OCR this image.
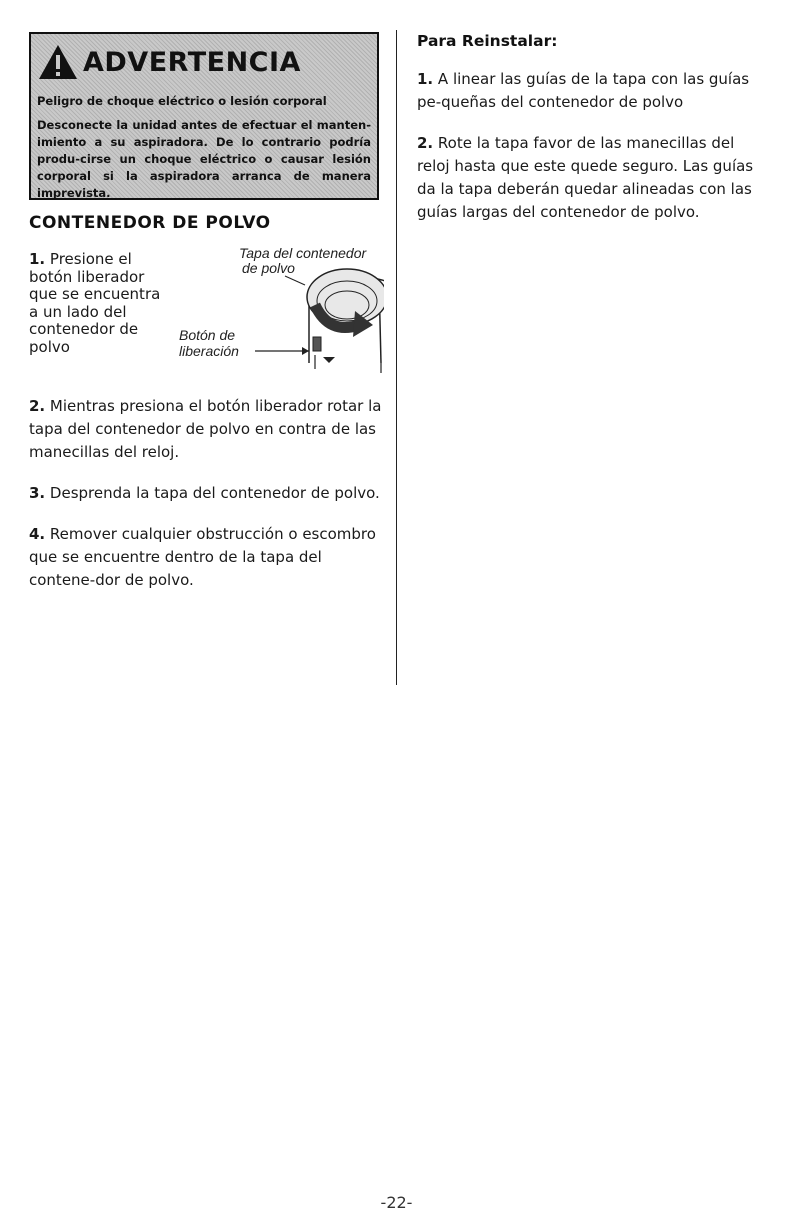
ADVERTENCIA
Peligro de choque eléctrico o lesión corporal
Desconecte la unidad antes de efectuar el manten-imiento a su aspiradora. De lo contrario podría produ-cirse un choque eléctrico o causar lesión corporal si la aspiradora arranca de manera imprevista.
CONTENEDOR DE POLVO
1. Presione el botón liberador que se encuentra a un lado del contenedor de polvo
Tapa del contenedor
de polvo
Botón de
liberación
2. Mientras presiona el botón liberador rotar la tapa del contenedor de polvo en contra de las manecillas del reloj.
3. Desprenda la tapa del contenedor de polvo.
4. Remover cualquier obstrucción o escombro que se encuentre dentro de la tapa del contene-dor de polvo.
Para Reinstalar:
1. A linear las guías de la tapa con las guías pe-queñas del contenedor de polvo
2. Rote la tapa favor de las manecillas del reloj hasta que este quede seguro. Las guías da la tapa deberán quedar alineadas con las guías largas del contenedor de polvo.
-22-
